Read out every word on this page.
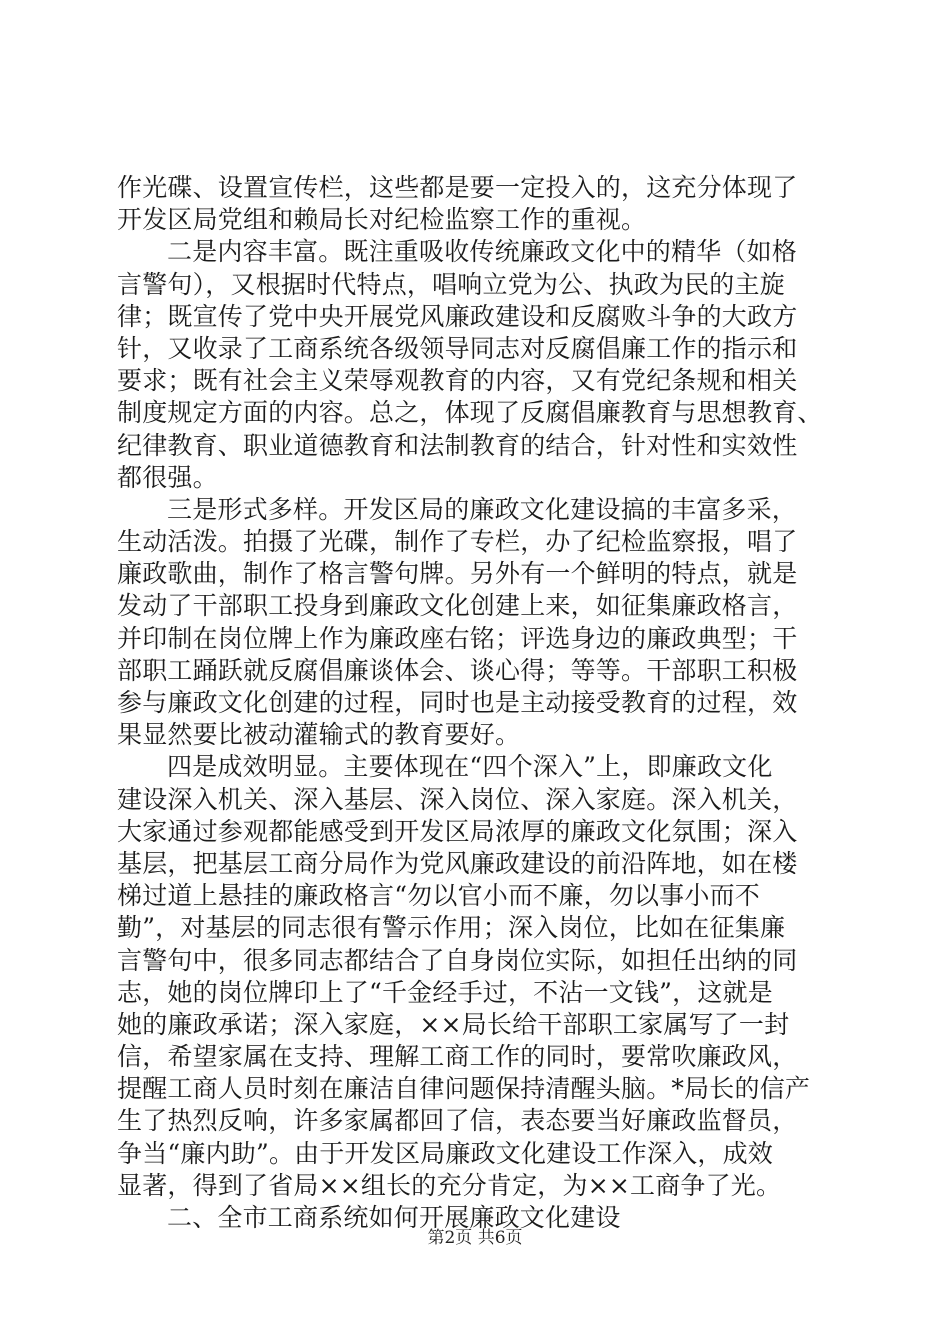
作光碟、设置宣传栏，这些都是要一定投入的，这充分体现了
开发区局党组和赖局长对纪检监察工作的重视。
二是内容丰富。既注重吸收传统廉政文化中的精华（如格
言警句），又根据时代特点，唱响立党为公、执政为民的主旋
律；既宣传了党中央开展党风廉政建设和反腐败斗争的大政方
针，又收录了工商系统各级领导同志对反腐倡廉工作的指示和
要求；既有社会主义荣辱观教育的内容，又有党纪条规和相关
制度规定方面的内容。总之，体现了反腐倡廉教育与思想教育、
纪律教育、职业道德教育和法制教育的结合，针对性和实效性
都很强。
三是形式多样。开发区局的廉政文化建设搞的丰富多采，
生动活泼。拍摄了光碟，制作了专栏，办了纪检监察报，唱了
廉政歌曲，制作了格言警句牌。另外有一个鲜明的特点，就是
发动了干部职工投身到廉政文化创建上来，如征集廉政格言，
并印制在岗位牌上作为廉政座右铭；评选身边的廉政典型；干
部职工踊跃就反腐倡廉谈体会、谈心得；等等。干部职工积极
参与廉政文化创建的过程，同时也是主动接受教育的过程，效
果显然要比被动灌输式的教育要好。
四是成效明显。主要体现在“四个深入”上，即廉政文化
建设深入机关、深入基层、深入岗位、深入家庭。深入机关，
大家通过参观都能感受到开发区局浓厚的廉政文化氛围；深入
基层，把基层工商分局作为党风廉政建设的前沿阵地，如在楼
梯过道上悬挂的廉政格言“勿以官小而不廉，勿以事小而不
勤”，对基层的同志很有警示作用；深入岗位，比如在征集廉
言警句中，很多同志都结合了自身岗位实际，如担任出纳的同
志，她的岗位牌印上了“千金经手过，不沾一文钱”，这就是
她的廉政承诺；深入家庭，××局长给干部职工家属写了一封
信，希望家属在支持、理解工商工作的同时，要常吹廉政风，
提醒工商人员时刻在廉洁自律问题保持清醒头脑。*局长的信产
生了热烈反响，许多家属都回了信，表态要当好廉政监督员，
争当“廉内助”。由于开发区局廉政文化建设工作深入，成效
显著，得到了省局××组长的充分肯定，为××工商争了光。
二、全市工商系统如何开展廉政文化建设
第2页 共6页
